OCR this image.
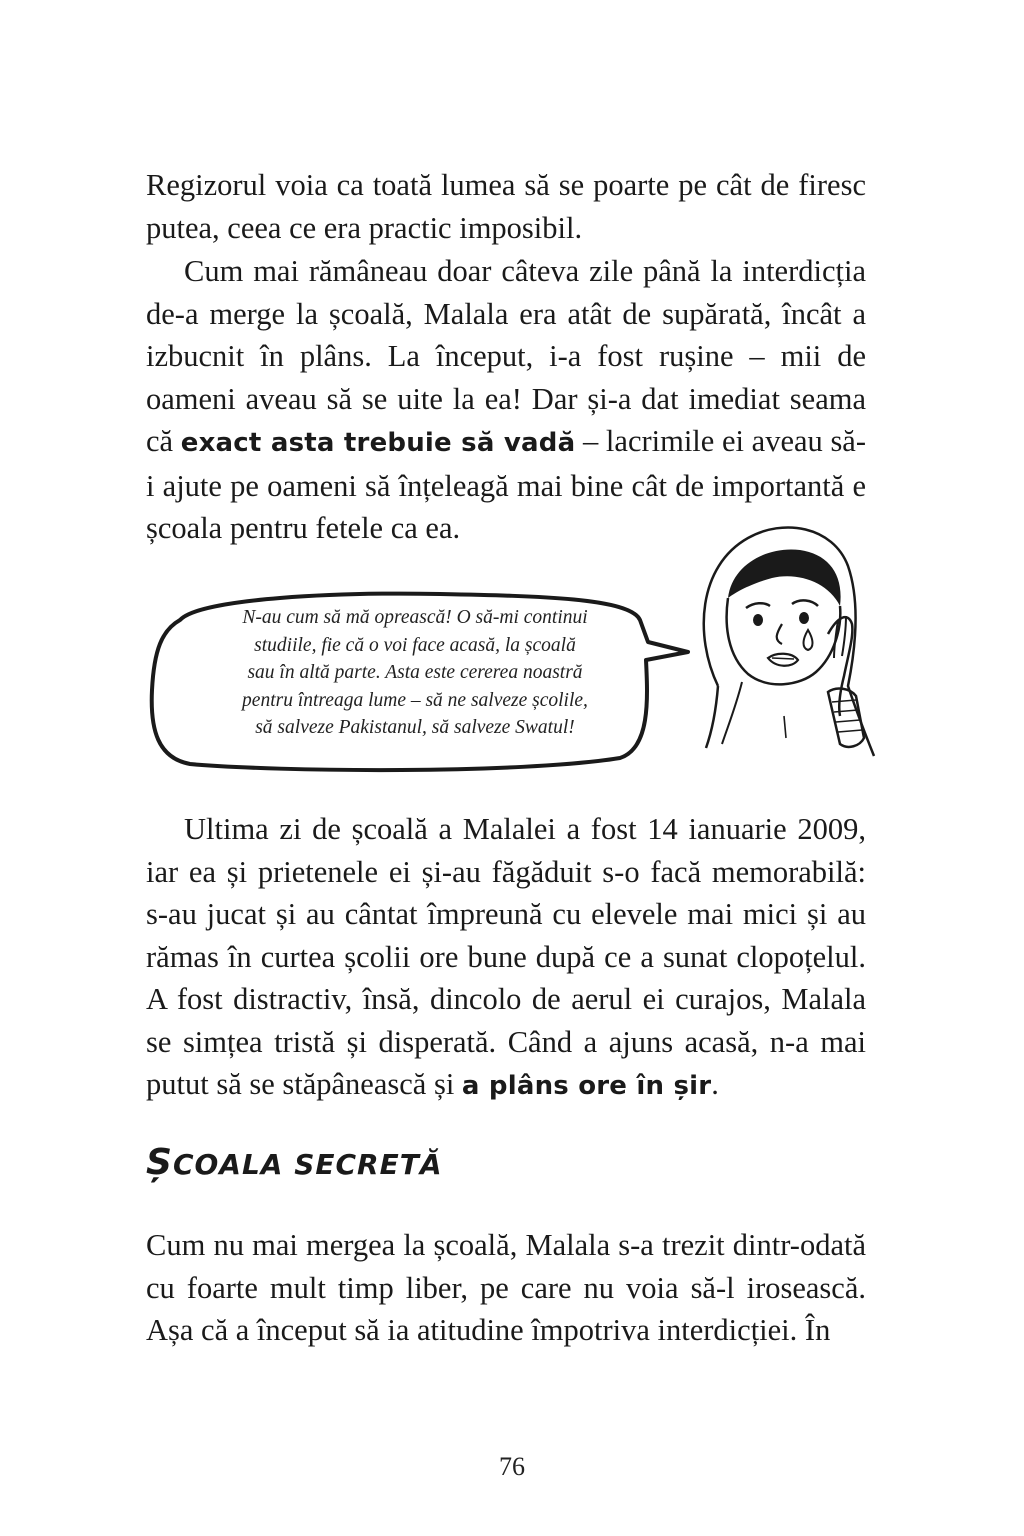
Regizorul voia ca toată lumea să se poarte pe cât de firesc putea, ceea ce era practic imposibil.

Cum mai rămâneau doar câteva zile până la interdicția de-a merge la școală, Malala era atât de supărată, încât a izbucnit în plâns. La început, i-a fost rușine – mii de oameni aveau să se uite la ea! Dar și-a dat imediat seama că exact asta trebuie să vadă – lacrimile ei aveau să-i ajute pe oameni să înțeleagă mai bine cât de importantă e școala pentru fetele ca ea.

N-au cum să mă oprească! O să-mi continui
studiile, fie că o voi face acasă, la școală
sau în altă parte. Asta este cererea noastră
pentru întreaga lume – să ne salveze școlile,
să salveze Pakistanul, să salveze Swatul!

Ultima zi de școală a Malalei a fost 14 ianuarie 2009, iar ea și prietenele ei și-au făgăduit s-o facă memorabilă: s-au jucat și au cântat împreună cu elevele mai mici și au rămas în curtea școlii ore bune după ce a sunat clopoțelul. A fost distractiv, însă, dincolo de aerul ei curajos, Malala se simțea tristă și disperată. Când a ajuns acasă, n-a mai putut să se stăpânească și a plâns ore în șir.

ȘCOALA SECRETĂ

Cum nu mai mergea la școală, Malala s-a trezit dintr-odată cu foarte mult timp liber, pe care nu voia să-l irosească. Așa că a început să ia atitudine împotriva interdicției. În

76
